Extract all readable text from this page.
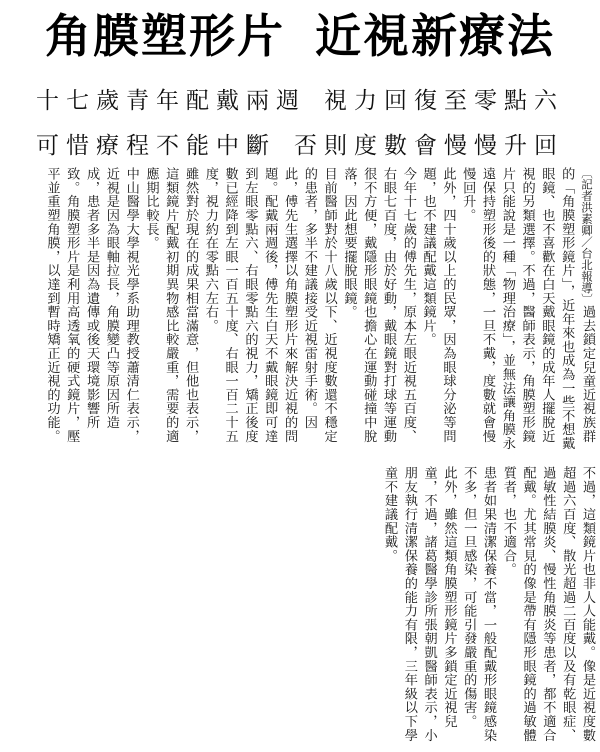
角膜塑形片 近視新療法
十七歲青年配戴兩週 視力回復至零點六
可惜療程不能中斷 否則度數會慢慢升回

〔記者洪素卿／台北報導〕過去鎖定兒童近視族群的「角膜塑形鏡片」，近年來也成為一些不想戴眼鏡、也不喜歡在白天戴眼鏡的成年人擺脫近視的另類選擇。不過，醫師表示，角膜塑形鏡片只能說是一種「物理治療」，並無法讓角膜永遠保持塑形後的狀態，一旦不戴，度數就會慢慢回升。

此外，四十歲以上的民眾，因為眼球分泌等問題，也不建議配戴這類鏡片。

今年十七歲的傅先生，原本左眼近視五百度、右眼七百度，由於好動，戴眼鏡對打球等運動很不方便，戴隱形眼鏡也擔心在運動碰撞中脫落，因此想要擺脫眼鏡。

目前醫師對於十八歲以下、近視度數還不穩定的患者，多半不建議接受近視雷射手術。因此，傅先生選擇以角膜塑形片來解決近視的問題。配戴兩週後，傅先生白天不戴眼鏡即可達到左眼零點六、右眼零點六的視力，矯正後度數已經降到左眼一百五十度、右眼一百二十五度，視力約在零點六左右。

雖然對於現在的成果相當滿意，但他也表示，這類鏡片配戴初期異物感比較嚴重，需要的適應期比較長。

中山醫學大學視光學系助理教授蕭清仁表示，近視是因為眼軸拉長，角膜變凸等原因所造成，患者多半是因為遺傳或後天環境影響所致。角膜塑形片是利用高透氧的硬式鏡片，壓平並重塑角膜，以達到暫時矯正近視的功能。

不過，這類鏡片也非人人能戴。像是近視度數超過六百度、散光超過二百度以及有乾眼症、過敏性結膜炎、慢性角膜炎等患者，都不適合配戴。尤其常見的像是帶有隱形眼鏡的過敏體質者，也不適合。

患者如果清潔保養不當，一般配戴形眼鏡感染不多，但一旦感染，可能引發嚴重的傷害。

此外，雖然這類角膜塑形鏡片多鎖定近視兒童，不過，諸葛醫學診所張朝凱醫師表示，小朋友執行清潔保養的能力有限，三年級以下學童不建議配戴。
